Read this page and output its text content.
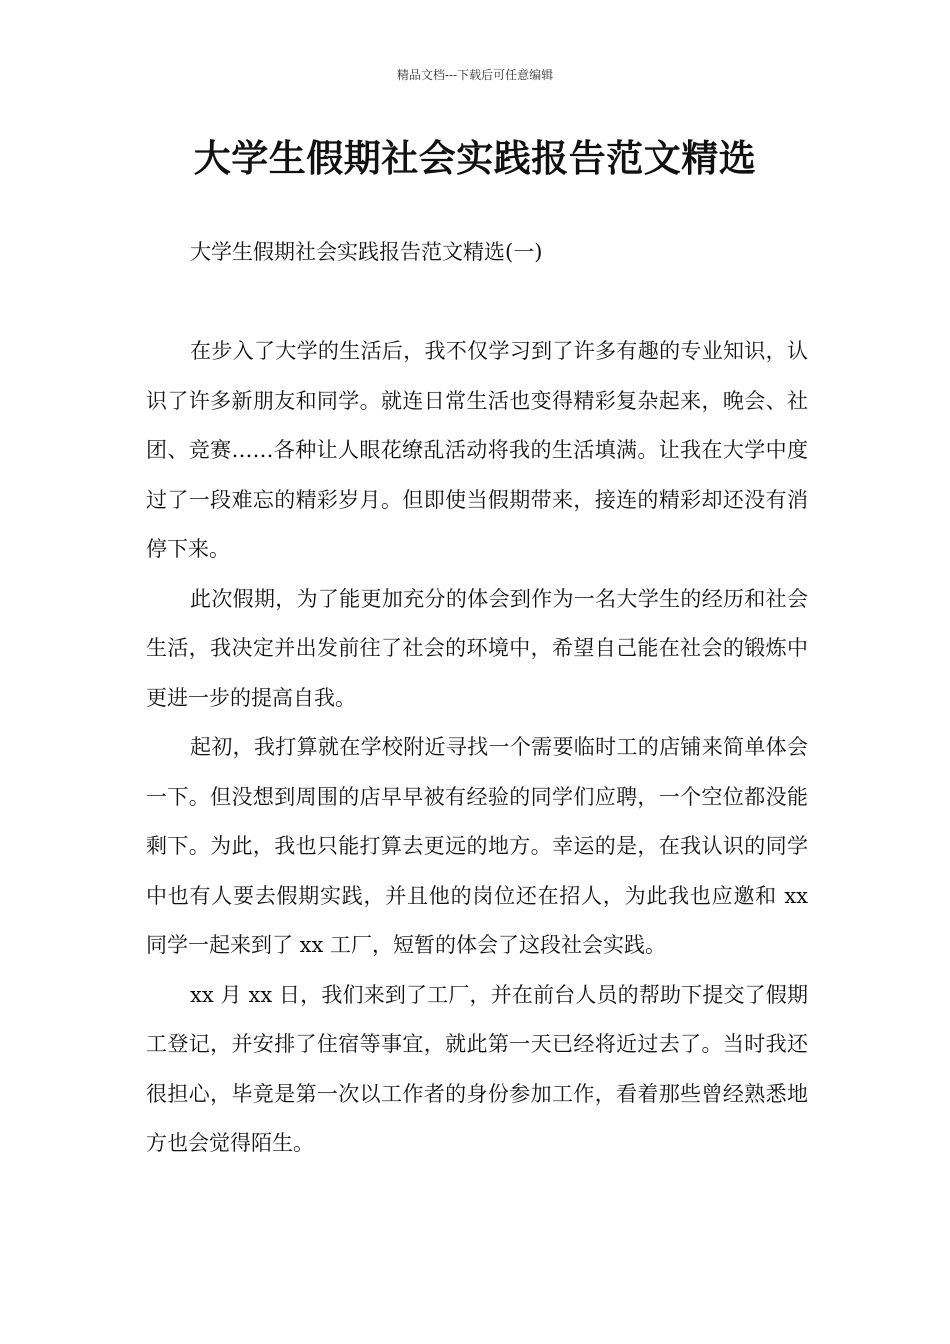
精品文档---下载后可任意编辑
大学生假期社会实践报告范文精选
大学生假期社会实践报告范文精选(一)

在步入了大学的生活后，我不仅学习到了许多有趣的专业知识，认识了许多新朋友和同学。就连日常生活也变得精彩复杂起来，晚会、社团、竞赛……各种让人眼花缭乱活动将我的生活填满。让我在大学中度过了一段难忘的精彩岁月。但即使当假期带来，接连的精彩却还没有消停下来。

此次假期，为了能更加充分的体会到作为一名大学生的经历和社会生活，我决定并出发前往了社会的环境中，希望自己能在社会的锻炼中更进一步的提高自我。

起初，我打算就在学校附近寻找一个需要临时工的店铺来简单体会一下。但没想到周围的店早早被有经验的同学们应聘，一个空位都没能剩下。为此，我也只能打算去更远的地方。幸运的是，在我认识的同学中也有人要去假期实践，并且他的岗位还在招人，为此我也应邀和 xx 同学一起来到了 xx 工厂，短暂的体会了这段社会实践。

xx 月 xx 日，我们来到了工厂，并在前台人员的帮助下提交了假期工登记，并安排了住宿等事宜，就此第一天已经将近过去了。当时我还很担心，毕竟是第一次以工作者的身份参加工作，看着那些曾经熟悉地方也会觉得陌生。
